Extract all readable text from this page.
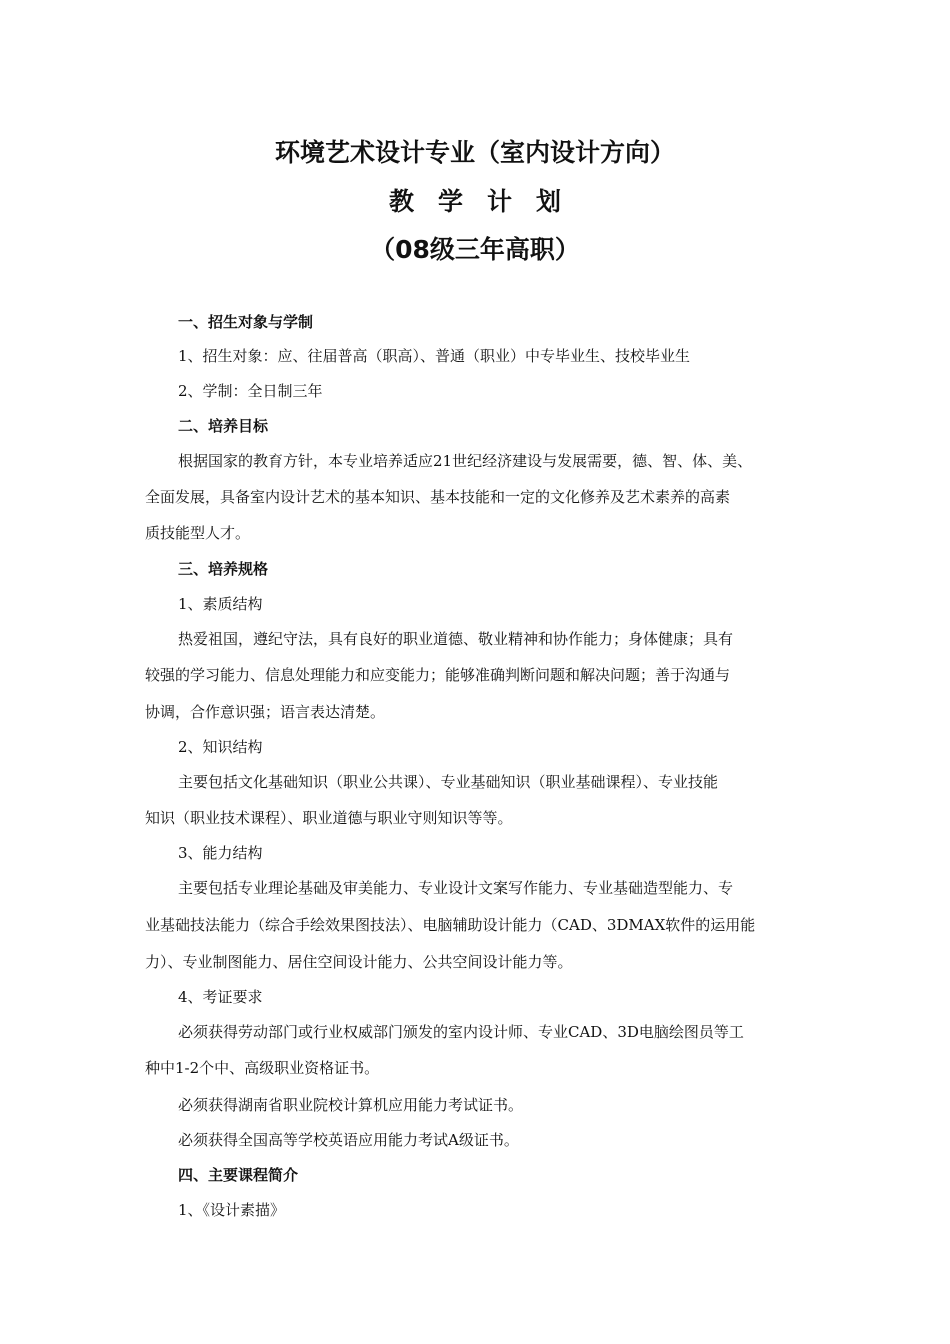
环境艺术设计专业（室内设计方向）
教学计划
（08级三年高职）
一、招生对象与学制
1、招生对象：应、往届普高（职高）、普通（职业）中专毕业生、技校毕业生
2、学制：全日制三年
二、培养目标
根据国家的教育方针，本专业培养适应21世纪经济建设与发展需要，德、智、体、美、
全面发展，具备室内设计艺术的基本知识、基本技能和一定的文化修养及艺术素养的高素
质技能型人才。
三、培养规格
1、素质结构
热爱祖国，遵纪守法，具有良好的职业道德、敬业精神和协作能力；身体健康；具有
较强的学习能力、信息处理能力和应变能力；能够准确判断问题和解决问题；善于沟通与
协调，合作意识强；语言表达清楚。
2、知识结构
主要包括文化基础知识（职业公共课）、专业基础知识（职业基础课程）、专业技能
知识（职业技术课程）、职业道德与职业守则知识等等。
3、能力结构
主要包括专业理论基础及审美能力、专业设计文案写作能力、专业基础造型能力、专
业基础技法能力（综合手绘效果图技法）、电脑辅助设计能力（CAD、3DMAX软件的运用能
力）、专业制图能力、居住空间设计能力、公共空间设计能力等。
4、考证要求
必须获得劳动部门或行业权威部门颁发的室内设计师、专业CAD、3D电脑绘图员等工
种中1-2个中、高级职业资格证书。
必须获得湖南省职业院校计算机应用能力考试证书。
必须获得全国高等学校英语应用能力考试A级证书。
四、主要课程简介
1、《设计素描》
